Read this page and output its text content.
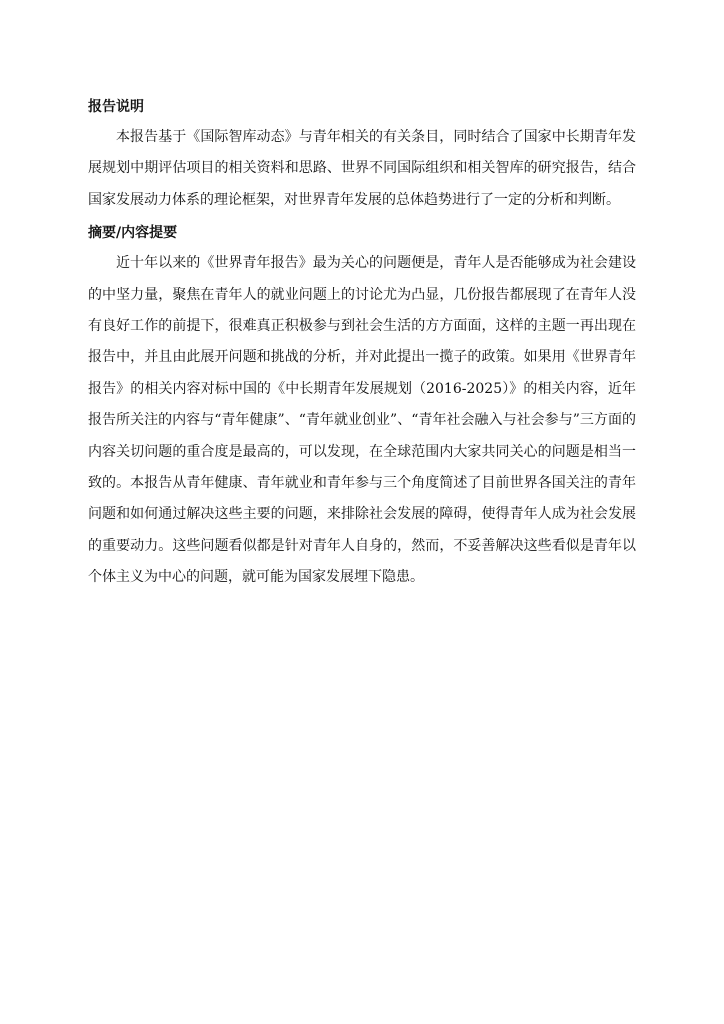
报告说明

本报告基于《国际智库动态》与青年相关的有关条目，同时结合了国家中长期青年发展规划中期评估项目的相关资料和思路、世界不同国际组织和相关智库的研究报告，结合国家发展动力体系的理论框架，对世界青年发展的总体趋势进行了一定的分析和判断。

摘要/内容提要

近十年以来的《世界青年报告》最为关心的问题便是，青年人是否能够成为社会建设的中坚力量，聚焦在青年人的就业问题上的讨论尤为凸显，几份报告都展现了在青年人没有良好工作的前提下，很难真正积极参与到社会生活的方方面面，这样的主题一再出现在报告中，并且由此展开问题和挑战的分析，并对此提出一揽子的政策。如果用《世界青年报告》的相关内容对标中国的《中长期青年发展规划（2016-2025）》的相关内容，近年报告所关注的内容与“青年健康”、“青年就业创业”、“青年社会融入与社会参与”三方面的内容关切问题的重合度是最高的，可以发现，在全球范围内大家共同关心的问题是相当一致的。本报告从青年健康、青年就业和青年参与三个角度简述了目前世界各国关注的青年问题和如何通过解决这些主要的问题，来排除社会发展的障碍，使得青年人成为社会发展的重要动力。这些问题看似都是针对青年人自身的，然而，不妥善解决这些看似是青年以个体主义为中心的问题，就可能为国家发展埋下隐患。
